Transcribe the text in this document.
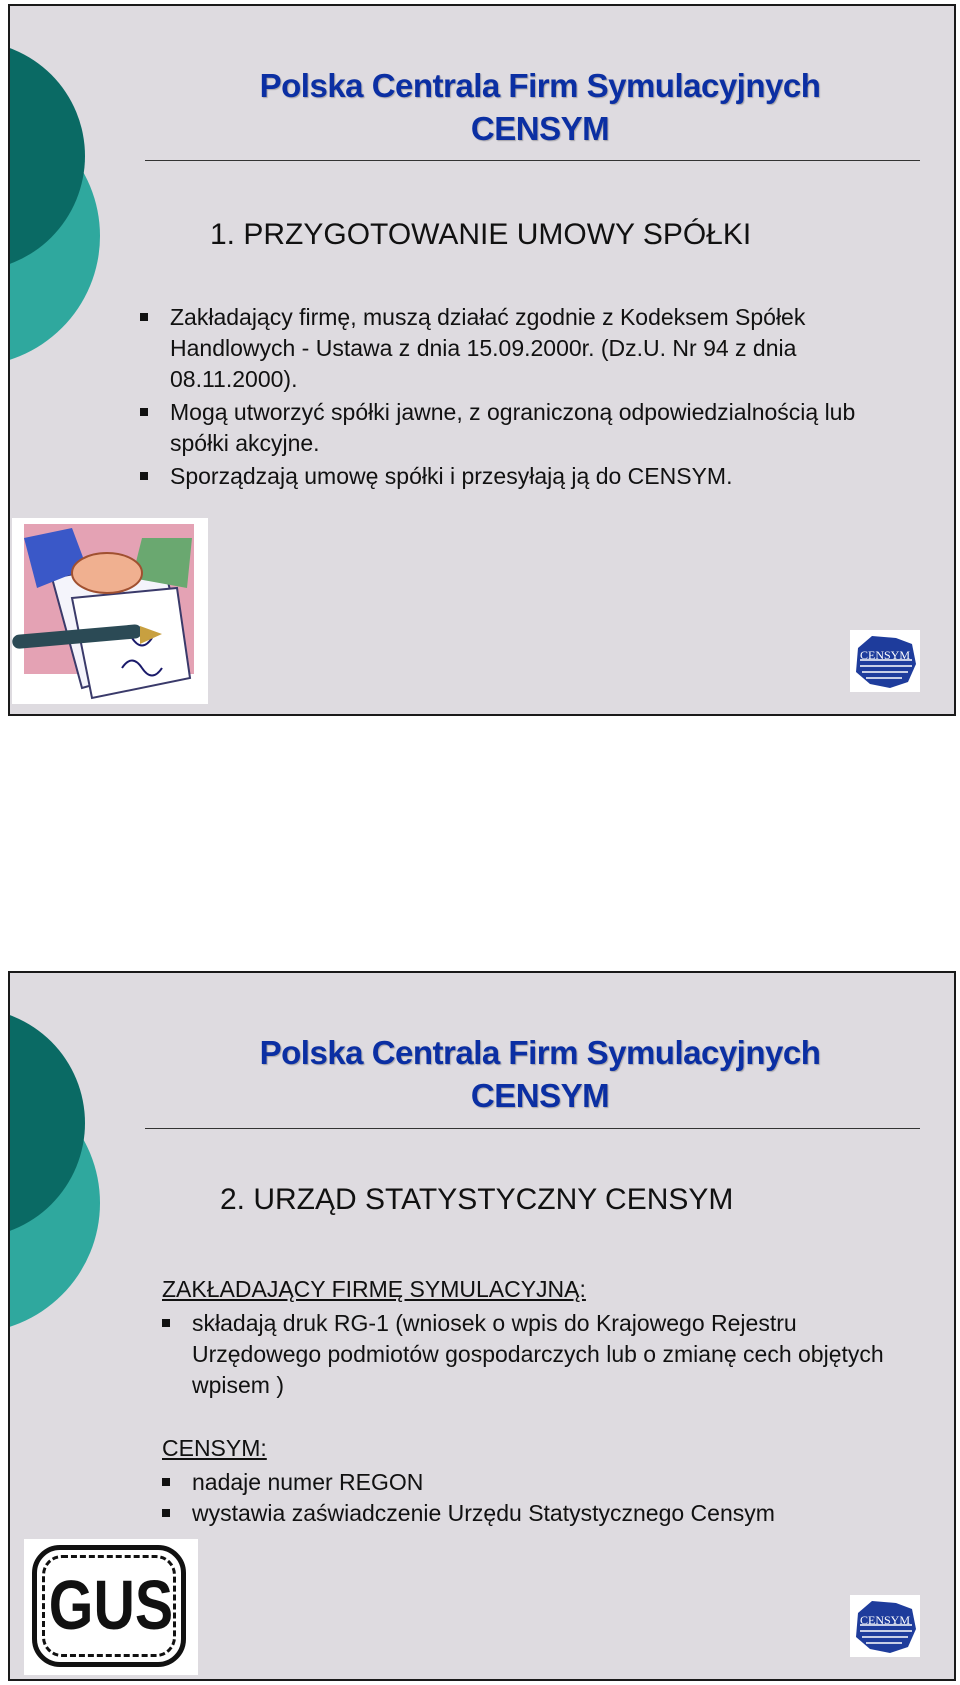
Polska Centrala Firm Symulacyjnych
CENSYM
1. PRZYGOTOWANIE UMOWY SPÓŁKI
Zakładający firmę, muszą działać zgodnie z Kodeksem Spółek Handlowych - Ustawa z dnia 15.09.2000r. (Dz.U. Nr 94 z dnia 08.11.2000).
Mogą utworzyć spółki jawne, z ograniczoną odpowiedzialnością lub spółki akcyjne.
Sporządzają umowę spółki i przesyłają ją do CENSYM.
CENSYM
Polska Centrala Firm Symulacyjnych
CENSYM
2. URZĄD STATYSTYCZNY CENSYM
ZAKŁADAJĄCY FIRMĘ SYMULACYJNĄ:
składają druk RG-1 (wniosek o wpis do Krajowego Rejestru Urzędowego podmiotów gospodarczych lub o zmianę cech objętych wpisem )
CENSYM:
nadaje numer REGON
wystawia zaświadczenie Urzędu Statystycznego Censym
GUS	CENSYM
